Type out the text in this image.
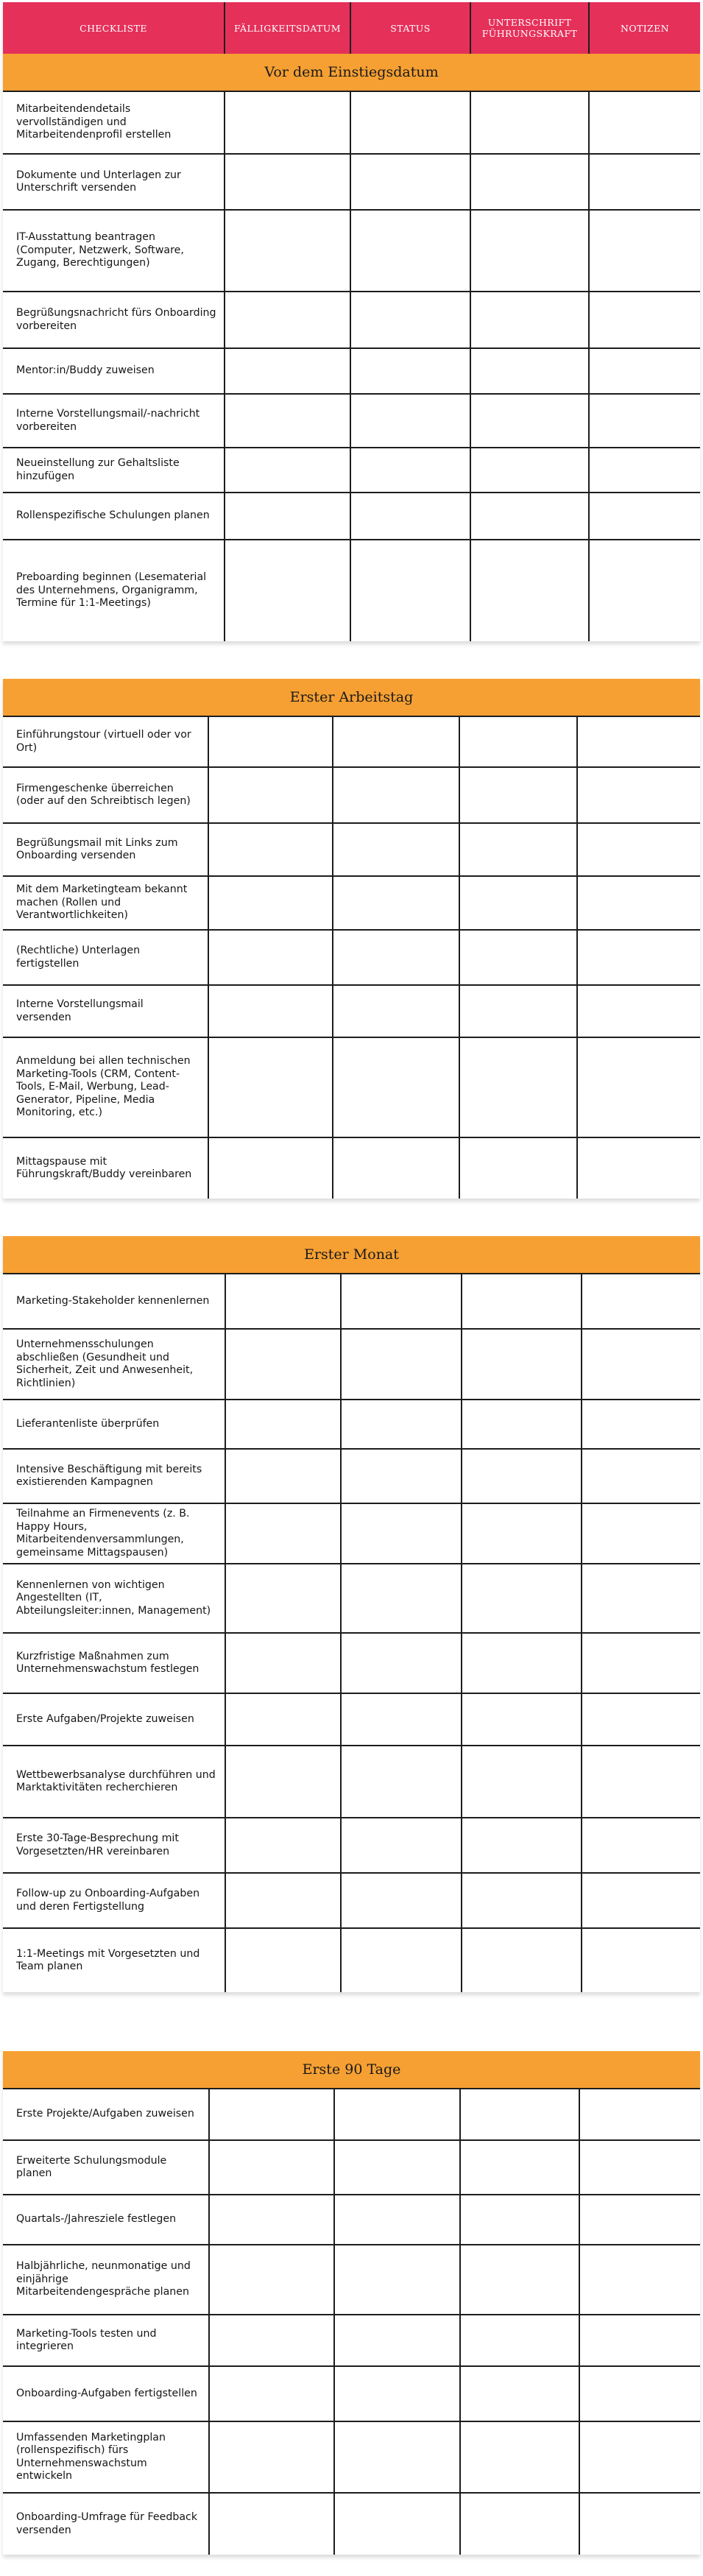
CHECKLISTE	FÄLLIGKEITSDATUM	STATUS	UNTERSCHRIFT FÜHRUNGSKRAFT	NOTIZEN
Vor dem Einstiegsdatum
Mitarbeitendendetails vervollständigen und Mitarbeitendenprofil erstellen
Dokumente und Unterlagen zur Unterschrift versenden
IT-Ausstattung beantragen (Computer, Netzwerk, Software, Zugang, Berechtigungen)
Begrüßungsnachricht fürs Onboarding vorbereiten
Mentor:in/Buddy zuweisen
Interne Vorstellungsmail/-nachricht vorbereiten
Neueinstellung zur Gehaltsliste hinzufügen
Rollenspezifische Schulungen planen
Preboarding beginnen (Lesematerial des Unternehmens, Organigramm, Termine für 1:1-Meetings)
Erster Arbeitstag
Einführungstour (virtuell oder vor Ort)
Firmengeschenke überreichen (oder auf den Schreibtisch legen)
Begrüßungsmail mit Links zum Onboarding versenden
Mit dem Marketingteam bekannt machen (Rollen und Verantwortlichkeiten)
(Rechtliche) Unterlagen fertigstellen
Interne Vorstellungsmail versenden
Anmeldung bei allen technischen Marketing-Tools (CRM, Content-Tools, E-Mail, Werbung, Lead-Generator, Pipeline, Media Monitoring, etc.)
Mittagspause mit Führungskraft/Buddy vereinbaren
Erster Monat
Marketing-Stakeholder kennenlernen
Unternehmensschulungen abschließen (Gesundheit und Sicherheit, Zeit und Anwesenheit, Richtlinien)
Lieferantenliste überprüfen
Intensive Beschäftigung mit bereits existierenden Kampagnen
Teilnahme an Firmenevents (z. B. Happy Hours, Mitarbeitendenversammlungen, gemeinsame Mittagspausen)
Kennenlernen von wichtigen Angestellten (IT, Abteilungsleiter:innen, Management)
Kurzfristige Maßnahmen zum Unternehmenswachstum festlegen
Erste Aufgaben/Projekte zuweisen
Wettbewerbsanalyse durchführen und Marktaktivitäten recherchieren
Erste 30-Tage-Besprechung mit Vorgesetzten/HR vereinbaren
Follow-up zu Onboarding-Aufgaben und deren Fertigstellung
1:1-Meetings mit Vorgesetzten und Team planen
Erste 90 Tage
Erste Projekte/Aufgaben zuweisen
Erweiterte Schulungsmodule planen
Quartals-/Jahresziele festlegen
Halbjährliche, neunmonatige und einjährige Mitarbeitendengespräche planen
Marketing-Tools testen und integrieren
Onboarding-Aufgaben fertigstellen
Umfassenden Marketingplan (rollenspezifisch) fürs Unternehmenswachstum entwickeln
Onboarding-Umfrage für Feedback versenden
